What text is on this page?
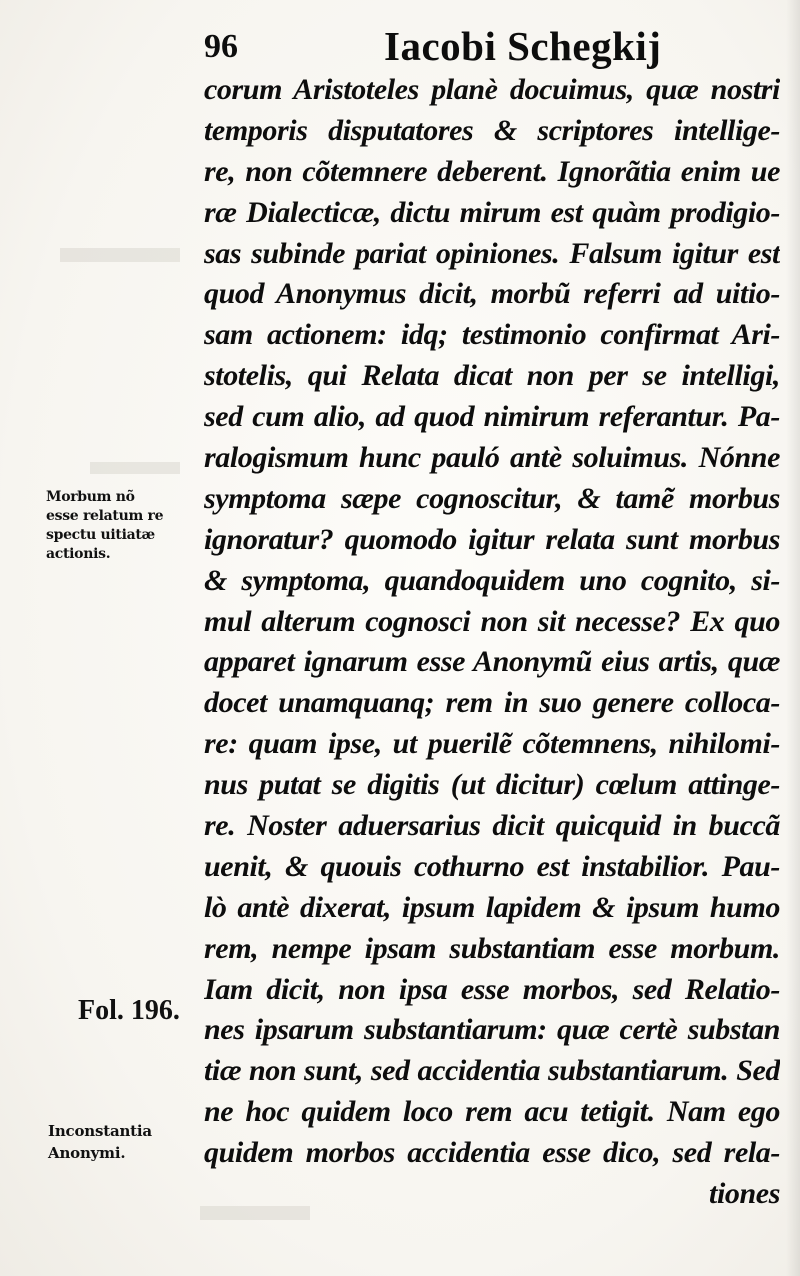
96	Iacobi Schegkij
corum Aristoteles planè docuimus, quæ nostri
temporis disputatores & scriptores intellige-
re, non cõtemnere deberent. Ignorãtia enim ue
ræ Dialecticæ, dictu mirum est quàm prodigio-
sas subinde pariat opiniones. Falsum igitur est
quod Anonymus dicit, morbũ referri ad uitio-
sam actionem: idq; testimonio confirmat Ari-
stotelis, qui Relata dicat non per se intelligi,
sed cum alio, ad quod nimirum referantur. Pa-
ralogismum hunc pauló antè soluimus. Nónne
symptoma sæpe cognoscitur, & tamẽ morbus
ignoratur? quomodo igitur relata sunt morbus
& symptoma, quandoquidem uno cognito, si-
mul alterum cognosci non sit necesse? Ex quo
apparet ignarum esse Anonymũ eius artis, quæ
docet unamquanq; rem in suo genere colloca-
re: quam ipse, ut puerilẽ cõtemnens, nihilomi-
nus putat se digitis (ut dicitur) cœlum attinge-
re. Noster aduersarius dicit quicquid in buccã
uenit, & quouis cothurno est instabilior. Pau-
lò antè dixerat, ipsum lapidem & ipsum humo
rem, nempe ipsam substantiam esse morbum.
Iam dicit, non ipsa esse morbos, sed Relatio-
nes ipsarum substantiarum: quæ certè substan
tiæ non sunt, sed accidentia substantiarum. Sed
ne hoc quidem loco rem acu tetigit. Nam ego
quidem morbos accidentia esse dico, sed rela-
tiones
Morbum nõ
esse relatum re
spectu uitiatæ
actionis.
Fol. 196.
Inconstantia
Anonymi.
